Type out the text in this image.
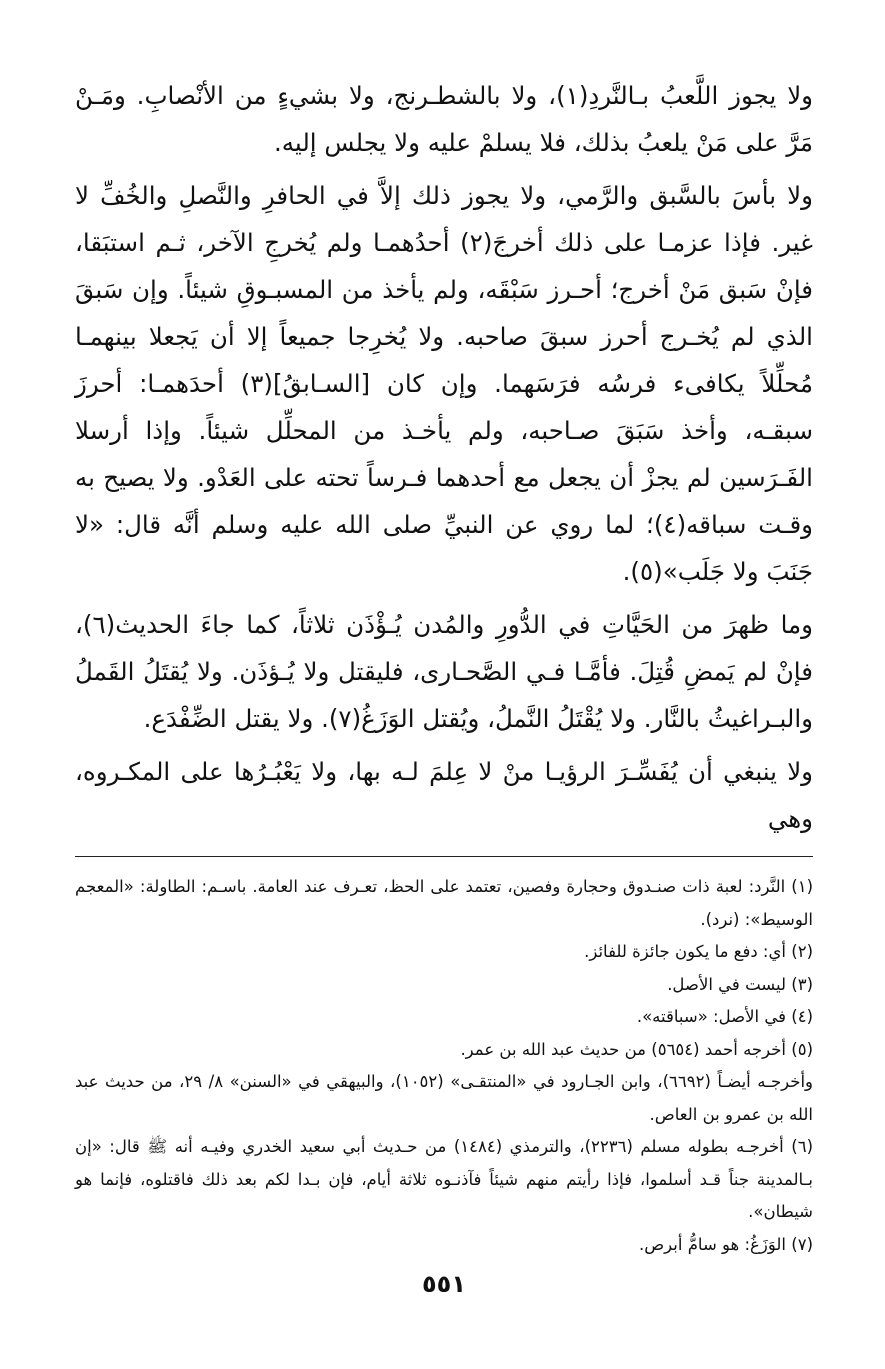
ولا يجوز اللَّعبُ بـالنَّردِ(١)، ولا بالشطـرنج، ولا بشيءٍ من الأنْصابِ. ومَـنْ مَرَّ على مَنْ يلعبُ بذلك، فلا يسلمْ عليه ولا يجلس إليه.

ولا بأسَ بالسَّبق والرَّمي، ولا يجوز ذلك إلاَّ في الحافرِ والنَّصلِ والخُفِّ لا غير. فإذا عزمـا على ذلك أخرجَ(٢) أحدُهمـا ولم يُخرجِ الآخر، ثـم استبَقا، فإنْ سَبق مَنْ أخرج؛ أحـرز سَبْقَه، ولم يأخذ من المسبـوقِ شيئاً. وإن سَبقَ الذي لم يُخـرج أحرز سبقَ صاحبه. ولا يُخرِجا جميعاً إلا أن يَجعلا بينهمـا مُحلِّلاً يكافىء فرسُه فرَسَهما. وإن كان [السـابقُ](٣) أحدَهمـا: أحرزَ سبقـه، وأخذ سَبَقَ صـاحبه، ولم يأخـذ من المحلِّل شيئاً. وإذا أرسلا الفَـرَسين لم يجزْ أن يجعل مع أحدهما فـرساً تحته على العَدْو. ولا يصيح به وقـت سباقه(٤)؛ لما روي عن النبيِّ صلى الله عليه وسلم أنَّه قال: «لا جَنَبَ ولا جَلَب»(٥).

وما ظهرَ من الحَيَّاتِ في الدُّورِ والمُدن يُـؤْذَن ثلاثاً، كما جاءَ الحديث(٦)، فإنْ لم يَمضِ قُتِلَ. فأمَّـا فـي الصَّحـارى، فليقتل ولا يُـؤذَن. ولا يُقتَلُ القَملُ والبـراغيثُ بالنَّار. ولا يُقْتَلُ النَّملُ، ويُقتل الوَزَغُ(٧). ولا يقتل الضِّفْدَع.

ولا ينبغي أن يُفَسِّـرَ الرؤيـا منْ لا عِلمَ لـه بها، ولا يَعْبُـرُها على المكـروه، وهي

(١) النَّرد: لعبة ذات صنـدوق وحجارة وفصين، تعتمد على الحظ، تعـرف عند العامة. باسـم: الطاولة: «المعجم الوسيط»: (نرد).

(٢) أي: دفع ما يكون جائزة للفائز.

(٣) ليست في الأصل.

(٤) في الأصل: «سباقته».

(٥) أخرجه أحمد (٥٦٥٤) من حديث عبد الله بن عمر.

وأخرجـه أيضـاً (٦٦٩٢)، وابن الجـارود في «المنتقـى» (١٠٥٢)، والبيهقي في «السنن» ٨/ ٢٩، من حديث عبد الله بن عمرو بن العاص.

(٦) أخرجـه بطوله مسلم (٢٢٣٦)، والترمذي (١٤٨٤) من حـديث أبي سعيد الخدري وفيـه أنه ﷺ قال: «إن بـالمدينة جناً قـد أسلموا، فإذا رأيتم منهم شيئاً فآذنـوه ثلاثة أيام، فإن بـدا لكم بعد ذلك فاقتلوه، فإنما هو شيطان».

(٧) الوَزَغُ: هو سامُّ أبرص.

٥٥١
